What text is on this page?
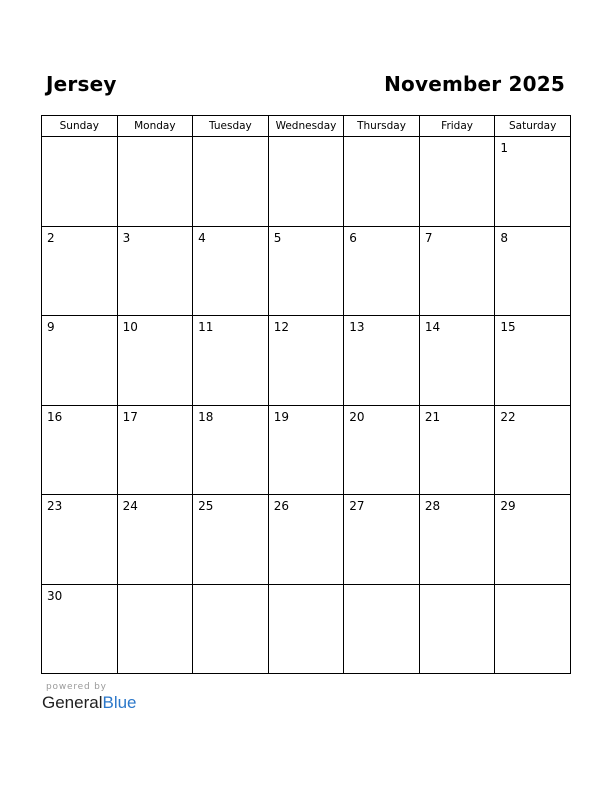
Jersey	November 2025
Sunday	Monday	Tuesday	Wednesday	Thursday	Friday	Saturday

						1

2	3	4	5	6	7	8

9	10	11	12	13	14	15

16	17	18	19	20	21	22

23	24	25	26	27	28	29

30						

powered by
GeneralBlue
